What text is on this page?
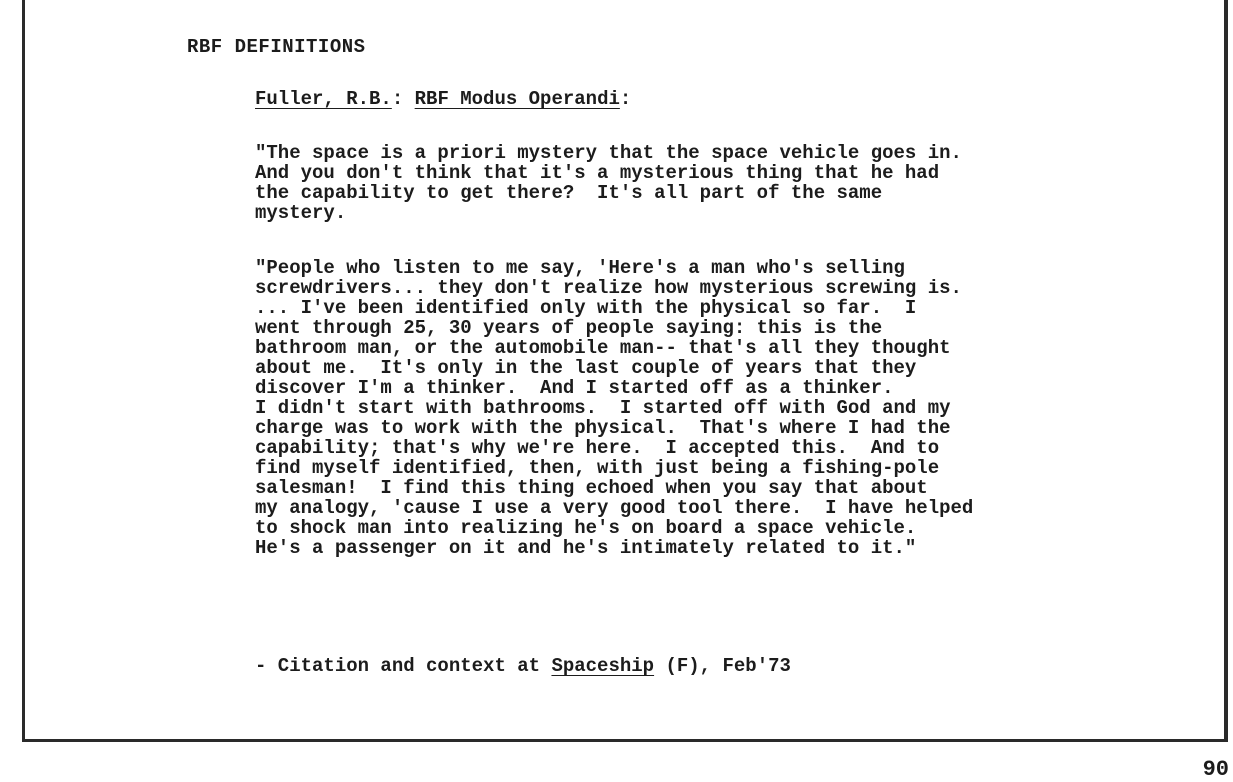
RBF DEFINITIONS

Fuller, R.B.: RBF Modus Operandi:

"The space is a priori mystery that the space vehicle goes in.
And you don't think that it's a mysterious thing that he had
the capability to get there?  It's all part of the same
mystery.

"People who listen to me say, 'Here's a man who's selling
screwdrivers... they don't realize how mysterious screwing is.
... I've been identified only with the physical so far.  I
went through 25, 30 years of people saying: this is the
bathroom man, or the automobile man-- that's all they thought
about me.  It's only in the last couple of years that they
discover I'm a thinker.  And I started off as a thinker.
I didn't start with bathrooms.  I started off with God and my
charge was to work with the physical.  That's where I had the
capability; that's why we're here.  I accepted this.  And to
find myself identified, then, with just being a fishing-pole
salesman!  I find this thing echoed when you say that about
my analogy, 'cause I use a very good tool there.  I have helped
to shock man into realizing he's on board a space vehicle.
He's a passenger on it and he's intimately related to it."

- Citation and context at Spaceship (F), Feb'73

90
